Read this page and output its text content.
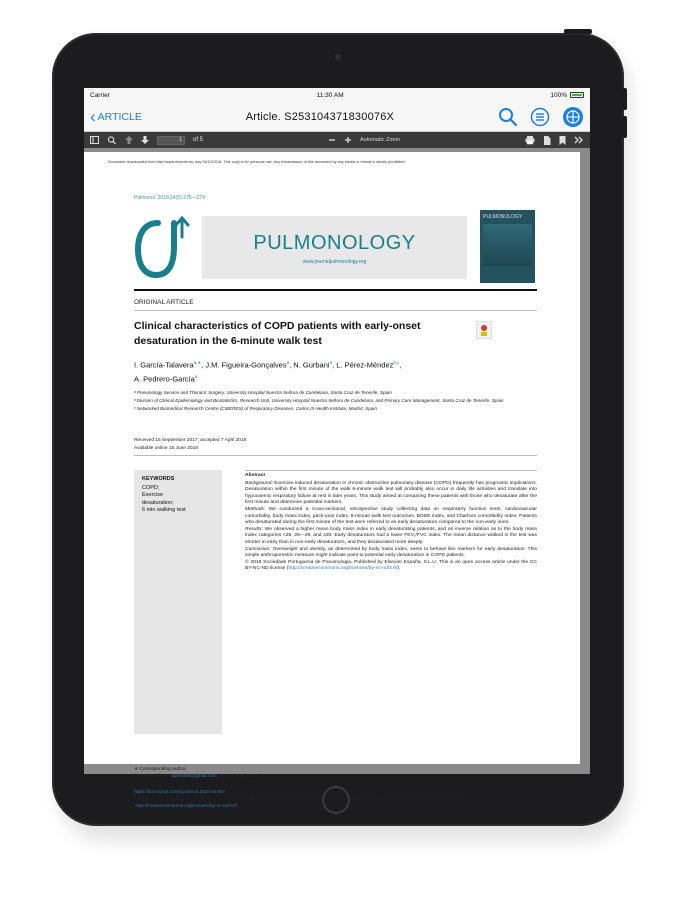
Carrier	11:30 AM	100%
‹ ARTICLE	Article. S253104371830076X
1	of 5	Automatic Zoom
Document downloaded from http://www.elsevier.es, day 04/10/2018. This copy is for personal use. Any transmission of this document by any media or format is strictly prohibited.
Pulmonol. 2018;24(5):275—279
PULMONOLOGY
www.journalpulmonology.org
PULMONOLOGY
ORIGINAL ARTICLE
Clinical characteristics of COPD patients with early-onset desaturation in the 6-minute walk test
I. García-Talavera$^{a,∗}$, J.M. Figueira-Gonçalves$^a$, N. Gurbani$^a$, L. Pérez-Méndez$^{b,c}$,
A. Pedrero-García$^a$

ᵃ Pneumology Service and Thoracic Surgery, University Hospital Nuestra Señora de Candelaria, Santa Cruz de Tenerife, Spain

ᵇ Division of Clinical Epidemiology and Biostatistics, Research Unit, University Hospital Nuestra Señora de Candelaria, and Primary Care Management, Santa Cruz de Tenerife, Spain

ᶜ Networked Biomedical Research Centre (CIBERES) of Respiratory Diseases, Carlos III Health Institute, Madrid, Spain

Received 15 September 2017; accepted 7 April 2018
Available online 15 June 2018
KEYWORDS
COPD;
Exercise
desaturation;
6 min walking test
Abstract

Background: Exercise-induced desaturation in chronic obstructive pulmonary disease (COPD) frequently has prognostic implications. Desaturation within the first minute of the walk 6-minute walk test will probably also occur in daily life activities and translate into hypoxaemic respiratory failure at rest in later years. This study aimed at comparing these patients with those who desaturate after the first minute and determine potential markers.

Methods: We conducted a cross-sectional, retrospective study collecting data on respiratory function tests, cardiovascular comorbidity, body mass index, pack-year index, 6-minute walk test outcomes, BODE index, and Charlson comorbidity index. Patients who desaturated during the first minute of the test were referred to as early desaturators compared to the non-early ones.

Results: We observed a higher mean body mass index in early desaturating patients, and an inverse relation as to the body mass index categories <25, 25—29, and ≥30. Early desaturators had a lower FEV₁/FVC index. The mean distance walked in the test was shorter in early than in non-early desaturators, and they desaturated more deeply.

Conclusion: Overweight and obesity, as determined by body mass index, seem to behave like markers for early desaturation. This simple anthropometric measure might indicate point to potential early desaturation in COPD patients.

© 2018 Sociedade Portuguesa de Pneumologia. Published by Elsevier España, S.L.U. This is an open access article under the CC BY-NC-ND license (http://creativecommons.org/licenses/by-nc-nd/4.0/).

∗ Corresponding author.
E-mail address: igarmarb@gmail.com (I. García-Talavera).
https://doi.org/10.1016/j.pulmoe.2018.04.007
2531-0437/© 2018 Sociedade Portuguesa de Pneumologia. Published by Elsevier España, S.L.U. This is an open access article under the CC BY-NC-ND license (http://creativecommons.org/licenses/by-nc-nd/4.0/).
